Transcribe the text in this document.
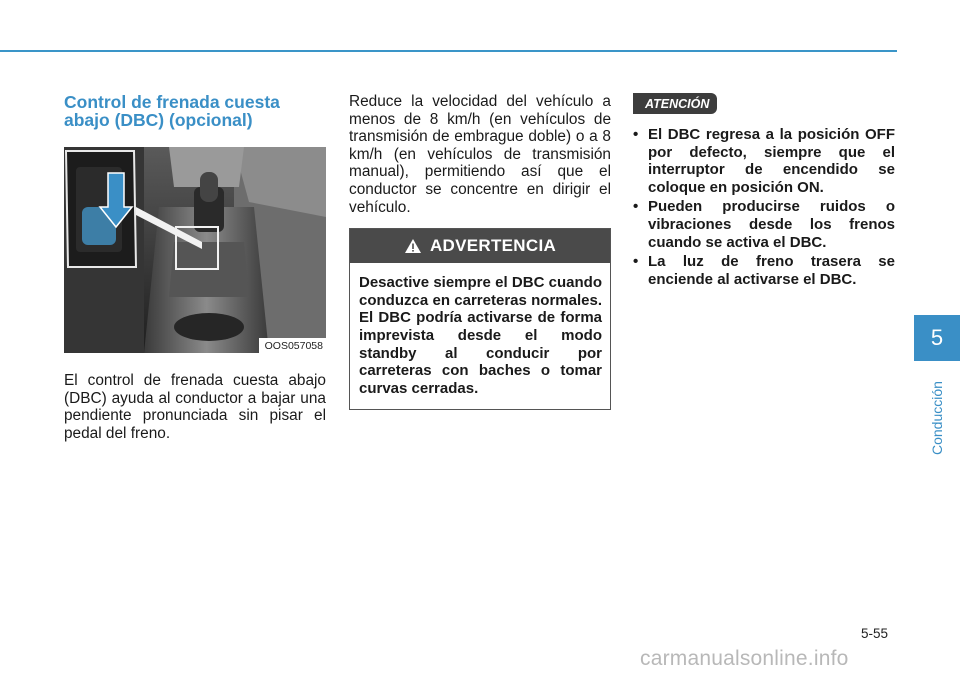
Control de frenada cuesta abajo (DBC) (opcional)
OOS057058

El control de frenada cuesta abajo (DBC) ayuda al conductor a bajar una pendiente pronunciada sin pisar el pedal del freno.

Reduce la velocidad del vehículo a menos de 8 km/h (en vehículos de transmisión de embrague doble) o a 8 km/h (en vehículos de transmisión manual), permitiendo así que el conductor se concentre en dirigir el vehículo.

ADVERTENCIA
Desactive siempre el DBC cuando conduzca en carreteras normales. El DBC podría activarse de forma imprevista desde el modo standby al conducir por carreteras con baches o tomar curvas cerradas.
ATENCIÓN
• El DBC regresa a la posición OFF por defecto, siempre que el interruptor de encendido se coloque en posición ON.
• Pueden producirse ruidos o vibraciones desde los frenos cuando se activa el DBC.
• La luz de freno trasera se enciende al activarse el DBC.
5
Conducción
5-55
carmanualsonline.info
